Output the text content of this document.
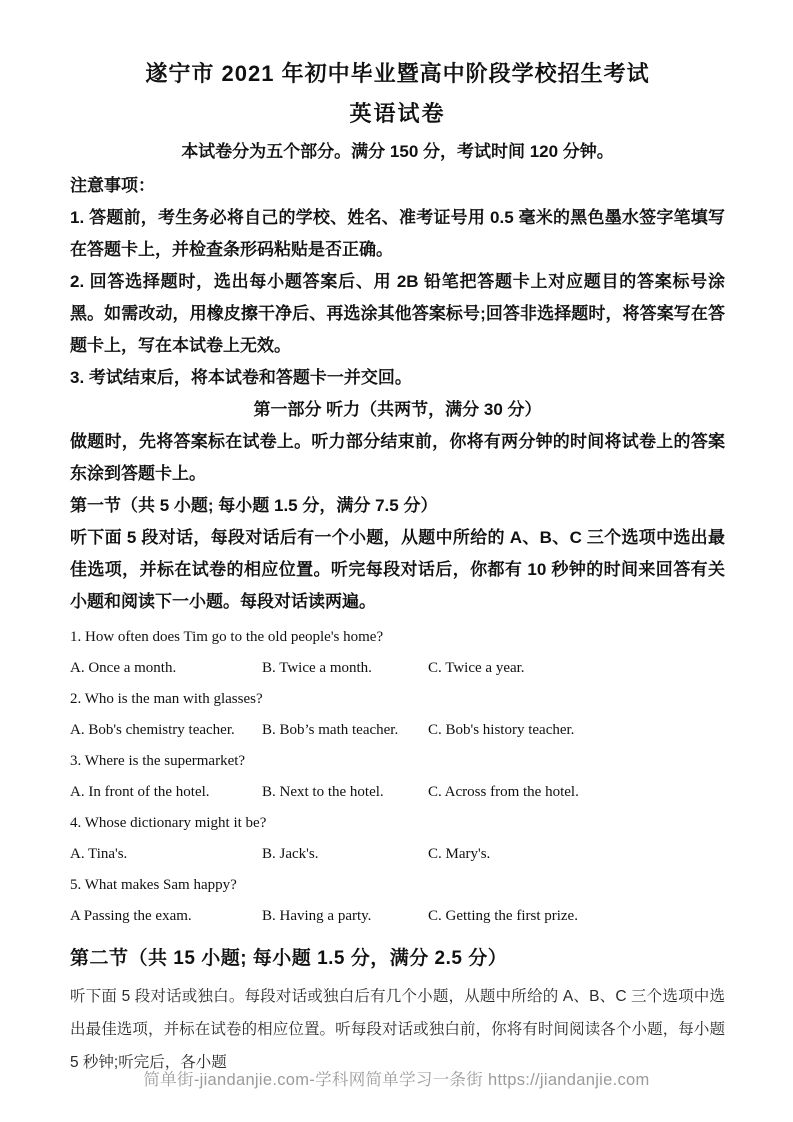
遂宁市 2021 年初中毕业暨高中阶段学校招生考试
英语试卷

本试卷分为五个部分。满分 150 分，考试时间 120 分钟。

注意事项：

1. 答题前，考生务必将自己的学校、姓名、准考证号用 0.5 毫米的黑色墨水签字笔填写在答题卡上，并检查条形码粘贴是否正确。

2. 回答选择题时，选出每小题答案后、用 2B 铅笔把答题卡上对应题目的答案标号涂黑。如需改动，用橡皮擦干净后、再选涂其他答案标号;回答非选择题时，将答案写在答题卡上，写在本试卷上无效。

3. 考试结束后，将本试卷和答题卡一并交回。

第一部分 听力（共两节，满分 30 分）

做题时，先将答案标在试卷上。听力部分结束前，你将有两分钟的时间将试卷上的答案东涂到答题卡上。

第一节（共 5 小题; 每小题 1.5 分，满分 7.5 分）

听下面 5 段对话，每段对话后有一个小题，从题中所给的 A、B、C 三个选项中选出最佳选项，并标在试卷的相应位置。听完每段对话后，你都有 10 秒钟的时间来回答有关小题和阅读下一小题。每段对话读两遍。

1. How often does Tim go to the old people's home?

A. Once a month.	B. Twice a month.	C. Twice a year.

2. Who is the man with glasses?

A. Bob's chemistry teacher.	B. Bob’s math teacher.	C. Bob's history teacher.

3. Where is the supermarket?

A. In front of the hotel.	B. Next to the hotel.	C. Across from the hotel.

4. Whose dictionary might it be?

A. Tina's.	B. Jack's.	C. Mary's.

5. What makes Sam happy?

A Passing the exam.	B. Having a party.	C. Getting the first prize.

第二节（共 15 小题; 每小题 1.5 分，满分 2.5 分）

听下面 5 段对话或独白。每段对话或独白后有几个小题，从题中所给的 A、B、C 三个选项中选出最佳选项，并标在试卷的相应位置。听每段对话或独白前，你将有时间阅读各个小题，每小题 5 秒钟;听完后，各小题

简单街-jiandanjie.com-学科网简单学习一条街 https://jiandanjie.com
